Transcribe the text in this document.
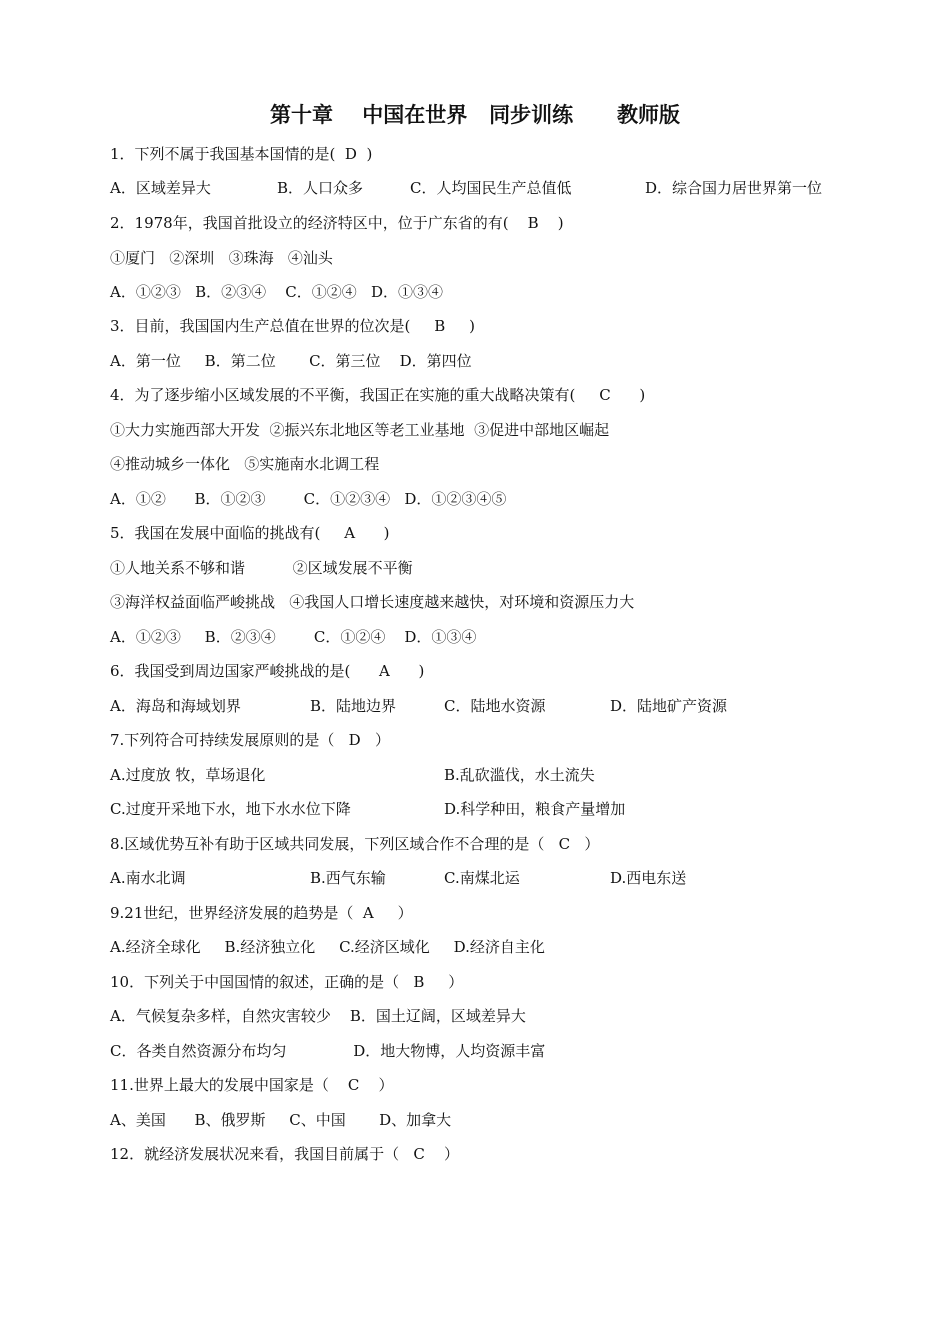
第十章    中国在世界   同步训练      教师版
1．下列不属于我国基本国情的是(  D  )

A．区域差异大

	B．人口众多

	C．人均国民生产总值低

	D．综合国力居世界第一位

2．1978年，我国首批设立的经济特区中，位于广东省的有(    B    )
①厦门   ②深圳   ③珠海   ④汕头
A．①②③   B．②③④    C．①②④   D．①③④
3．目前，我国国内生产总值在世界的位次是(     B     )
A．第一位     B．第二位       C．第三位    D．第四位
4．为了逐步缩小区域发展的不平衡，我国正在实施的重大战略决策有(     C      )
①大力实施西部大开发  ②振兴东北地区等老工业基地  ③促进中部地区崛起
④推动城乡一体化   ⑤实施南水北调工程
A．①②      B．①②③        C．①②③④   D．①②③④⑤
5．我国在发展中面临的挑战有(     A      )
①人地关系不够和谐          ②区域发展不平衡
③海洋权益面临严峻挑战   ④我国人口增长速度越来越快，对环境和资源压力大
A．①②③     B．②③④        C．①②④    D．①③④
6．我国受到周边国家严峻挑战的是(      A      )

A．海岛和海域划界

	B．陆地边界

	C．陆地水资源

	D．陆地矿产资源

7.下列符合可持续发展原则的是（   D   ）

A.过度放 牧，草场退化

	B.乱砍滥伐，水土流失

C.过度开采地下水，地下水水位下降

	D.科学种田，粮食产量增加

8.区域优势互补有助于区域共同发展，下列区域合作不合理的是（   C   ）

A.南水北调

	B.西气东输

	C.南煤北运

	D.西电东送

9.21世纪，世界经济发展的趋势是（  A     ）
A.经济全球化     B.经济独立化     C.经济区域化     D.经济自主化
10．下列关于中国国情的叙述，正确的是（   B     ）
A．气候复杂多样，自然灾害较少    B．国土辽阔，区域差异大
C．各类自然资源分布均匀              D．地大物博，人均资源丰富
11.世界上最大的发展中国家是（    C    ）
A、美国      B、俄罗斯     C、中国       D、加拿大
12．就经济发展状况来看，我国目前属于（   C    ）
